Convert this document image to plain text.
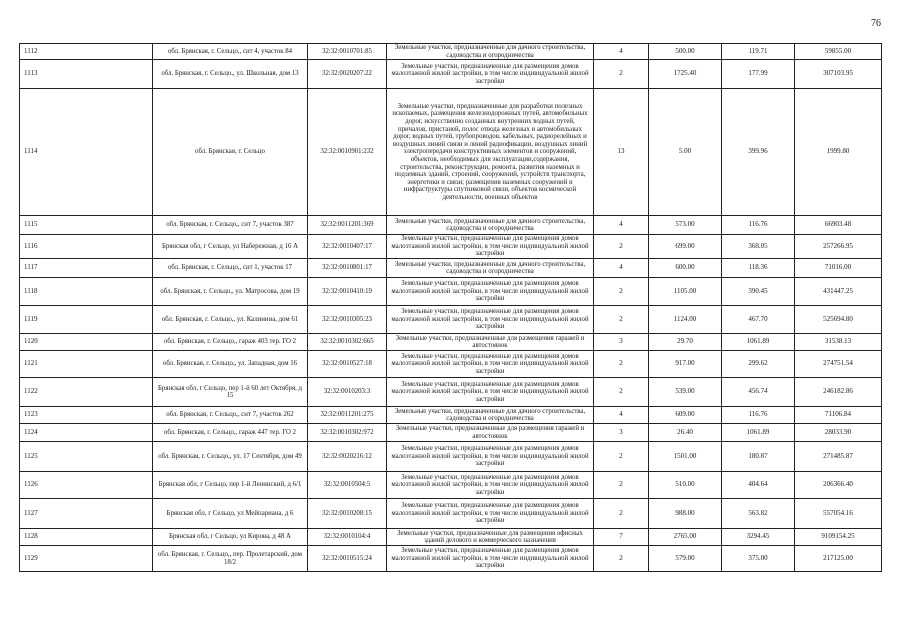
76
1112	обл. Брянская, г. Сельцо,, снт 4, участок 84	32:32:0010701:85	Земельные участки, предназначенные для дачного строительства, садоводства и огородничества	4	500.00	119.71	59855.00
1113	обл. Брянская, г. Сельцо,, ул. Школьная, дом 13	32:32:0020207:22	Земельные участки, предназначенные для размещения домов малоэтажной жилой застройки, в том числе индивидуальной жилой застройки	2	1725.40	177.99	307103.95
1114	обл. Брянская, г. Сельцо	32:32:0010901:232	Земельные участки, предназначенные для разработки полезных ископаемых, размещения железнодорожных путей, автомобильных дорог, искусственно созданных внутренних водных путей, причалов, пристаней, полос отвода железных и автомобильных дорог, водных путей, трубопроводов, кабельных, радиорелейных и воздушных линий связи и линий радиофикации, воздушных линий электропередачи конструктивных элементов и сооружений, объектов, необходимых для эксплуатации,содержания, строительства, реконструкции, ремонта, развития наземных и подземных зданий, строений, сооружений, устройств транспорта, энергетики и связи; размещения наземных сооружений и инфраструктуры спутниковой связи, объектов космической деятельности, военных объектов	13	5.00	399.96	1999.80
1115	обл. Брянская, г. Сельцо,, снт 7, участок 387	32:32:0011201:369	Земельные участки, предназначенные для дачного строительства, садоводства и огородничества	4	573.00	116.76	66903.48
1116	Брянская обл, г Сельцо, ул Набережная, д 16 А	32:32:0010407:17	Земельные участки, предназначенные для размещения домов малоэтажной жилой застройки, в том числе индивидуальной жилой застройки	2	699.00	368.05	257266.95
1117	обл. Брянская, г. Сельцо,, снт 1, участок 17	32:32:0010801:17	Земельные участки, предназначенные для дачного строительства, садоводства и огородничества	4	600.00	118.36	71016.00
1118	обл. Брянская, г. Сельцо,, ул. Матросова, дом 19	32:32:0010410:19	Земельные участки, предназначенные для размещения домов малоэтажной жилой застройки, в том числе индивидуальной жилой застройки	2	1105.00	390.45	431447.25
1119	обл. Брянская, г. Сельцо,, ул. Калинина, дом 61	32:32:0010305:23	Земельные участки, предназначенные для размещения домов малоэтажной жилой застройки, в том числе индивидуальной жилой застройки	2	1124.00	467.70	525694.80
1120	обл. Брянская, г. Сельцо,, гараж 403 тер. ГО 2	32:32:0010302:665	Земельные участки, предназначенные для размещения гаражей и автостоянок	3	29.70	1061.89	31538.13
1121	обл. Брянская, г. Сельцо,, ул. Западная, дом 16	32:32:0010527:18	Земельные участки, предназначенные для размещения домов малоэтажной жилой застройки, в том числе индивидуальной жилой застройки	2	917.00	299.62	274751.54
1122	Брянская обл, г Сельцо, пер 1-й 60 лет Октября, д 15	32:32:0010203:3	Земельные участки, предназначенные для размещения домов малоэтажной жилой застройки, в том числе индивидуальной жилой застройки	2	539.00	456.74	246182.86
1123	обл. Брянская, г. Сельцо,, снт 7, участок 262	32:32:0011201:275	Земельные участки, предназначенные для дачного строительства, садоводства и огородничества	4	609.00	116.76	71106.84
1124	обл. Брянская, г. Сельцо,, гараж 447 тер. ГО 2	32:32:0010302:972	Земельные участки, предназначенные для размещения гаражей и автостоянок	3	26.40	1061.89	28033.90
1125	обл. Брянская, г. Сельцо,, ул. 17 Сентября, дом 49	32:32:0020216:12	Земельные участки, предназначенные для размещения домов малоэтажной жилой застройки, в том числе индивидуальной жилой застройки	2	1501.00	180.87	271485.87
1126	Брянская обл, г Сельцо, пер 1-й Ленинский, д 6/1	32:32:0010504:5	Земельные участки, предназначенные для размещения домов малоэтажной жилой застройки, в том числе индивидуальной жилой застройки	2	510.00	404.64	206366.40
1127	Брянская обл, г Сельцо, ул Мейпариана, д 6	32:32:0010208:15	Земельные участки, предназначенные для размещения домов малоэтажной жилой застройки, в том числе индивидуальной жилой застройки	2	988.00	563.82	557054.16
1128	Брянская обл, г Сельцо, ул Кирова, д 48 А	32:32:0010104:4	Земельные участки, предназначенные для размещения офисных зданий делового и коммерческого назначения	7	2765.00	3294.45	9109154.25
1129	обл. Брянская, г. Сельцо,, пер. Пролетарский, дом 18/2	32:32:0010515:24	Земельные участки, предназначенные для размещения домов малоэтажной жилой застройки, в том числе индивидуальной жилой застройки	2	579.00	375.00	217125.00
